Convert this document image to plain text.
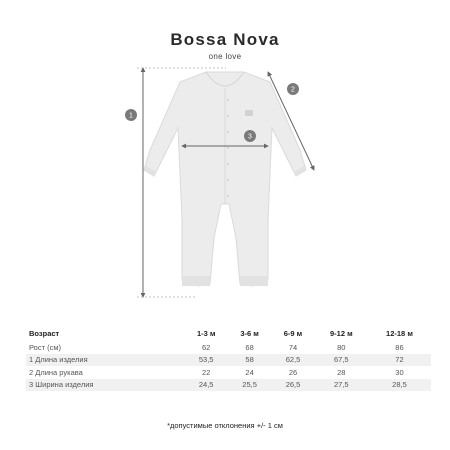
Bossa Nova
one love
1
2
3
Возраст	1-3 м	3-6 м	6-9 м	9-12 м	12-18 м
Рост (см)	62	68	74	80	86
1 Длина изделия	53,5	58	62,5	67,5	72
2 Длина рукава	22	24	26	28	30
3 Ширина изделия	24,5	25,5	26,5	27,5	28,5
*допустимые отклонения +/- 1 см
